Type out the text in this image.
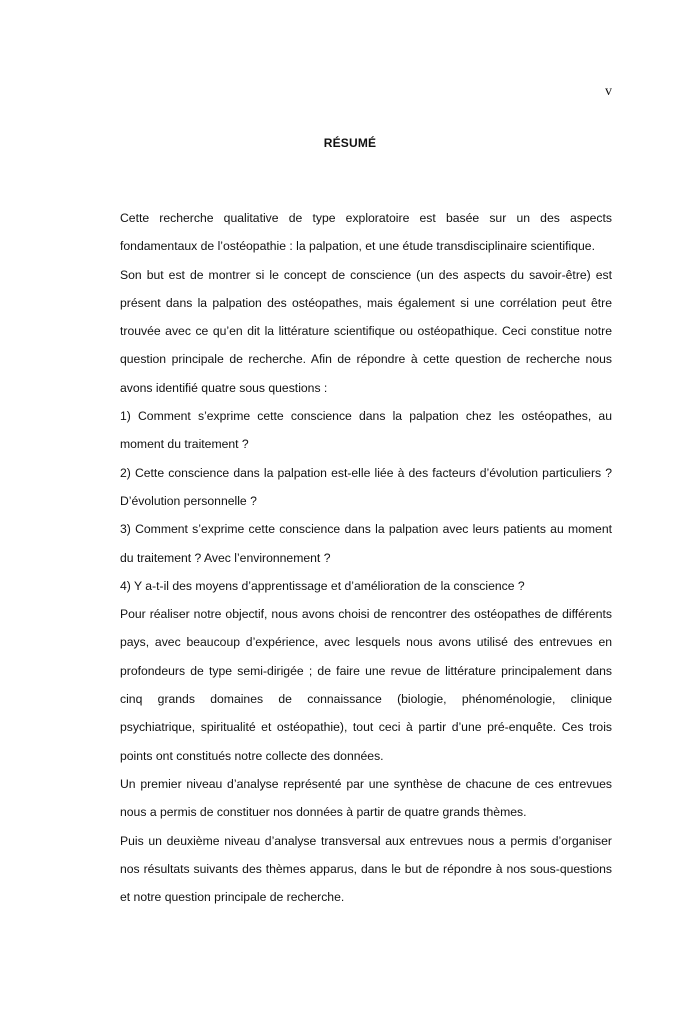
v
RÉSUMÉ
Cette recherche qualitative de type exploratoire est basée sur un des aspects
fondamentaux de l’ostéopathie : la palpation, et une étude transdisciplinaire scientifique.
Son but est de montrer si le concept de conscience (un des aspects du savoir-être) est
présent dans la palpation des ostéopathes, mais également si une corrélation peut être
trouvée avec ce qu’en dit la littérature scientifique ou ostéopathique. Ceci constitue notre
question principale de recherche. Afin de répondre à cette question de recherche nous
avons identifié quatre sous questions :
1) Comment s’exprime cette conscience dans la palpation chez les ostéopathes, au
moment du traitement ?
2) Cette conscience dans la palpation est-elle liée à des facteurs d’évolution particuliers ?
D’évolution personnelle ?
3) Comment s’exprime cette conscience dans la palpation avec leurs patients au moment
du traitement ? Avec l’environnement ?
4) Y a-t-il des moyens d’apprentissage et d’amélioration de la conscience ?
Pour réaliser notre objectif, nous avons choisi de rencontrer des ostéopathes de différents
pays, avec beaucoup d’expérience, avec lesquels nous avons utilisé des entrevues en
profondeurs de type semi-dirigée ; de faire une revue de littérature principalement dans
cinq grands domaines de connaissance (biologie, phénoménologie, clinique
psychiatrique, spiritualité et ostéopathie), tout ceci à partir d’une pré-enquête. Ces trois
points ont constitués notre collecte des données.
Un premier niveau d’analyse représenté par une synthèse de chacune de ces entrevues
nous a permis de constituer nos données à partir de quatre grands thèmes.
Puis un deuxième niveau d’analyse transversal aux entrevues nous a permis d’organiser
nos résultats suivants des thèmes apparus, dans le but de répondre à nos sous-questions
et notre question principale de recherche.
